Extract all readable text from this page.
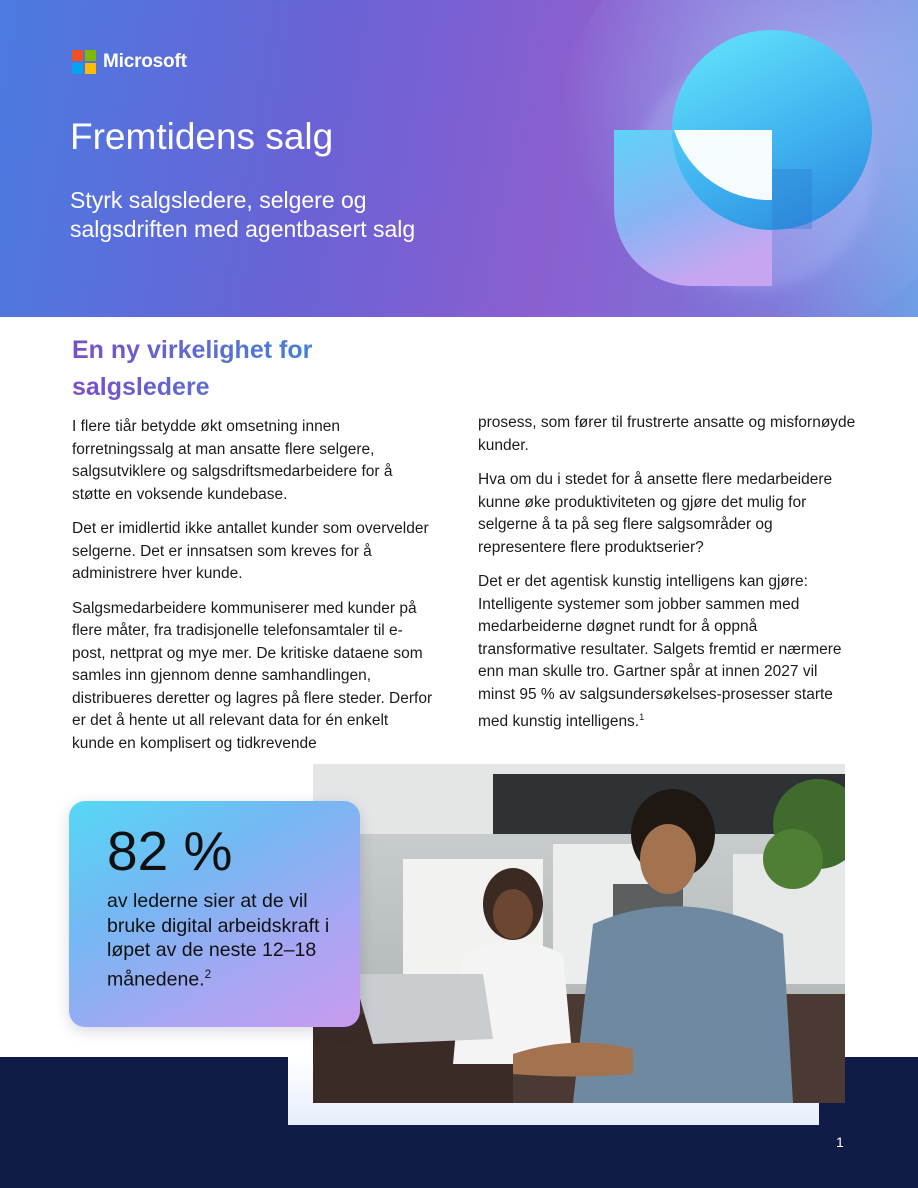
Microsoft
Fremtidens salg

Styrk salgsledere, selgere og salgsdriften med agentbasert salg

En ny virkelighet for salgsledere

I flere tiår betydde økt omsetning innen forretningssalg at man ansatte flere selgere, salgsutviklere og salgsdriftsmedarbeidere for å støtte en voksende kundebase.

Det er imidlertid ikke antallet kunder som overvelder selgerne. Det er innsatsen som kreves for å administrere hver kunde.

Salgsmedarbeidere kommuniserer med kunder på flere måter, fra tradisjonelle telefonsamtaler til e-post, nettprat og mye mer. De kritiske dataene som samles inn gjennom denne samhandlingen, distribueres deretter og lagres på flere steder. Derfor er det å hente ut all relevant data for én enkelt kunde en komplisert og tidkrevende

prosess, som fører til frustrerte ansatte og misfornøyde kunder.

Hva om du i stedet for å ansette flere medarbeidere kunne øke produktiviteten og gjøre det mulig for selgerne å ta på seg flere salgsområder og representere flere produktserier?

Det er det agentisk kunstig intelligens kan gjøre: Intelligente systemer som jobber sammen med medarbeiderne døgnet rundt for å oppnå transformative resultater. Salgets fremtid er nærmere enn man skulle tro. Gartner spår at innen 2027 vil minst 95 % av salgsundersøkelses-prosesser starte med kunstig intelligens.$^1$

82 %

av lederne sier at de vil bruke digital arbeidskraft i løpet av de neste 12–18 månedene.$^2$

1
